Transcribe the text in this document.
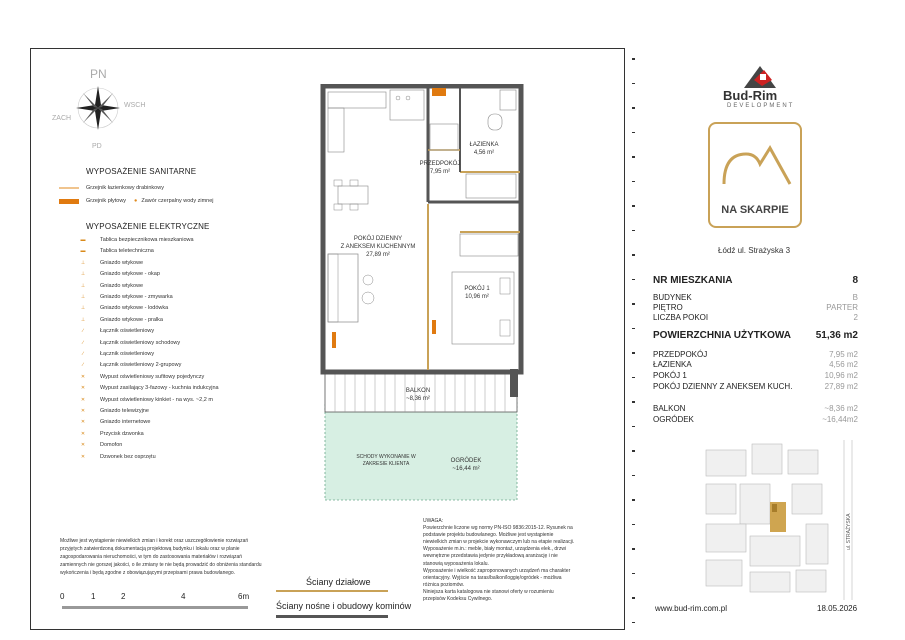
PN
PD
ZACH
WSCH
WYPOSAŻENIE SANITARNE
Grzejnik łazienkowy drabinkowy
Grzejnik płytowy ● Zawór czerpalny wody zimnej
WYPOSAŻENIE ELEKTRYCZNE
▬	Tablica bezpiecznikowa mieszkaniowa
▬	Tablica teletechniczna
⊥	Gniazdo wtykowe
⊥	Gniazdo wtykowe - okap
⊥	Gniazdo wtykowe
⊥	Gniazdo wtykowe - zmywarka
⊥	Gniazdo wtykowe - lodówka
⊥	Gniazdo wtykowe - pralka
∕	Łącznik oświetleniowy
∕	Łącznik oświetleniowy schodowy
∕	Łącznik oświetleniowy
∕	Łącznik oświetleniowy 2-grupowy
✕	Wypust oświetleniowy sufitowy pojedynczy
✕	Wypust zasilający 3-fazowy - kuchnia indukcyjna
✕	Wypust oświetleniowy kinkiet - na wys. ~2,2 m
✕	Gniazdo telewizyjne
✕	Gniazdo internetowe
✕	Przycisk dzwonka
✕	Domofon
✕	Dzwonek bez osprzętu
ŁAZIENKA
4,56 m²
PRZEDPOKÓJ
7,95 m²
POKÓJ DZIENNY
Z ANEKSEM KUCHENNYM
27,89 m²
POKÓJ 1
10,96 m²
BALKON
~8,36 m²
SCHODY WYKONANIE W
ZAKRESIE KLIENTA	OGRÓDEK
~16,44 m²
Możliwe jest wystąpienie niewielkich zmian i korekt oraz uszczegółowienie rozwiązań
przyjętych zatwierdzoną dokumentacją projektową budynku i lokalu oraz w planie
zagospodarowania nieruchomości, w tym do zastosowania materiałów i rozwiązań
zamiennych nie gorszej jakości, o ile zmiany te nie będą prowadzić do obniżenia standardu
wykończenia i będą zgodne z obowiązującymi przepisami prawa budowlanego.
UWAGA:
Powierzchnie liczone wg normy PN-ISO 9836:2015-12. Rysunek na
podstawie projektu budowlanego. Możliwe jest wystąpienie
niewielkich zmian w projekcie wykonawczym lub na etapie realizacji.
Wyposażenie m.in.: meble, biały montaż, urządzenia elek., drzwi
wewnętrzne przedstawia jedynie przykładową aranżację i nie
stanowią wyposażenia lokalu.
Wyposażenie i wielkość zaproponowanych urządzeń ma charakter
orientacyjny. Wyjście na taras/balkon/loggię/ogródek - możliwa
różnica poziomów.
Niniejsza karta katalogowa nie stanowi oferty w rozumieniu
przepisów Kodeksu Cywilnego.
Ściany działowe
Ściany nośne i obudowy kominów
0	1	2	4	6m
Bud-Rim
DEVELOPMENT
NA SKARPIE
Łódź ul. Strażyska 3
NR MIESZKANIA	8
BUDYNEK	B
PIĘTRO	PARTER
LICZBA POKOI	2
POWIERZCHNIA UŻYTKOWA 51,36 m2
PRZEDPOKÓJ	7,95 m2
ŁAZIENKA	4,56 m2
POKÓJ 1	10,96 m2
POKÓJ DZIENNY Z ANEKSEM KUCH.	27,89 m2
BALKON	~8,36 m2
OGRÓDEK	~16,44m2
ul. STRAŻYSKA
www.bud-rim.com.pl	18.05.2026
